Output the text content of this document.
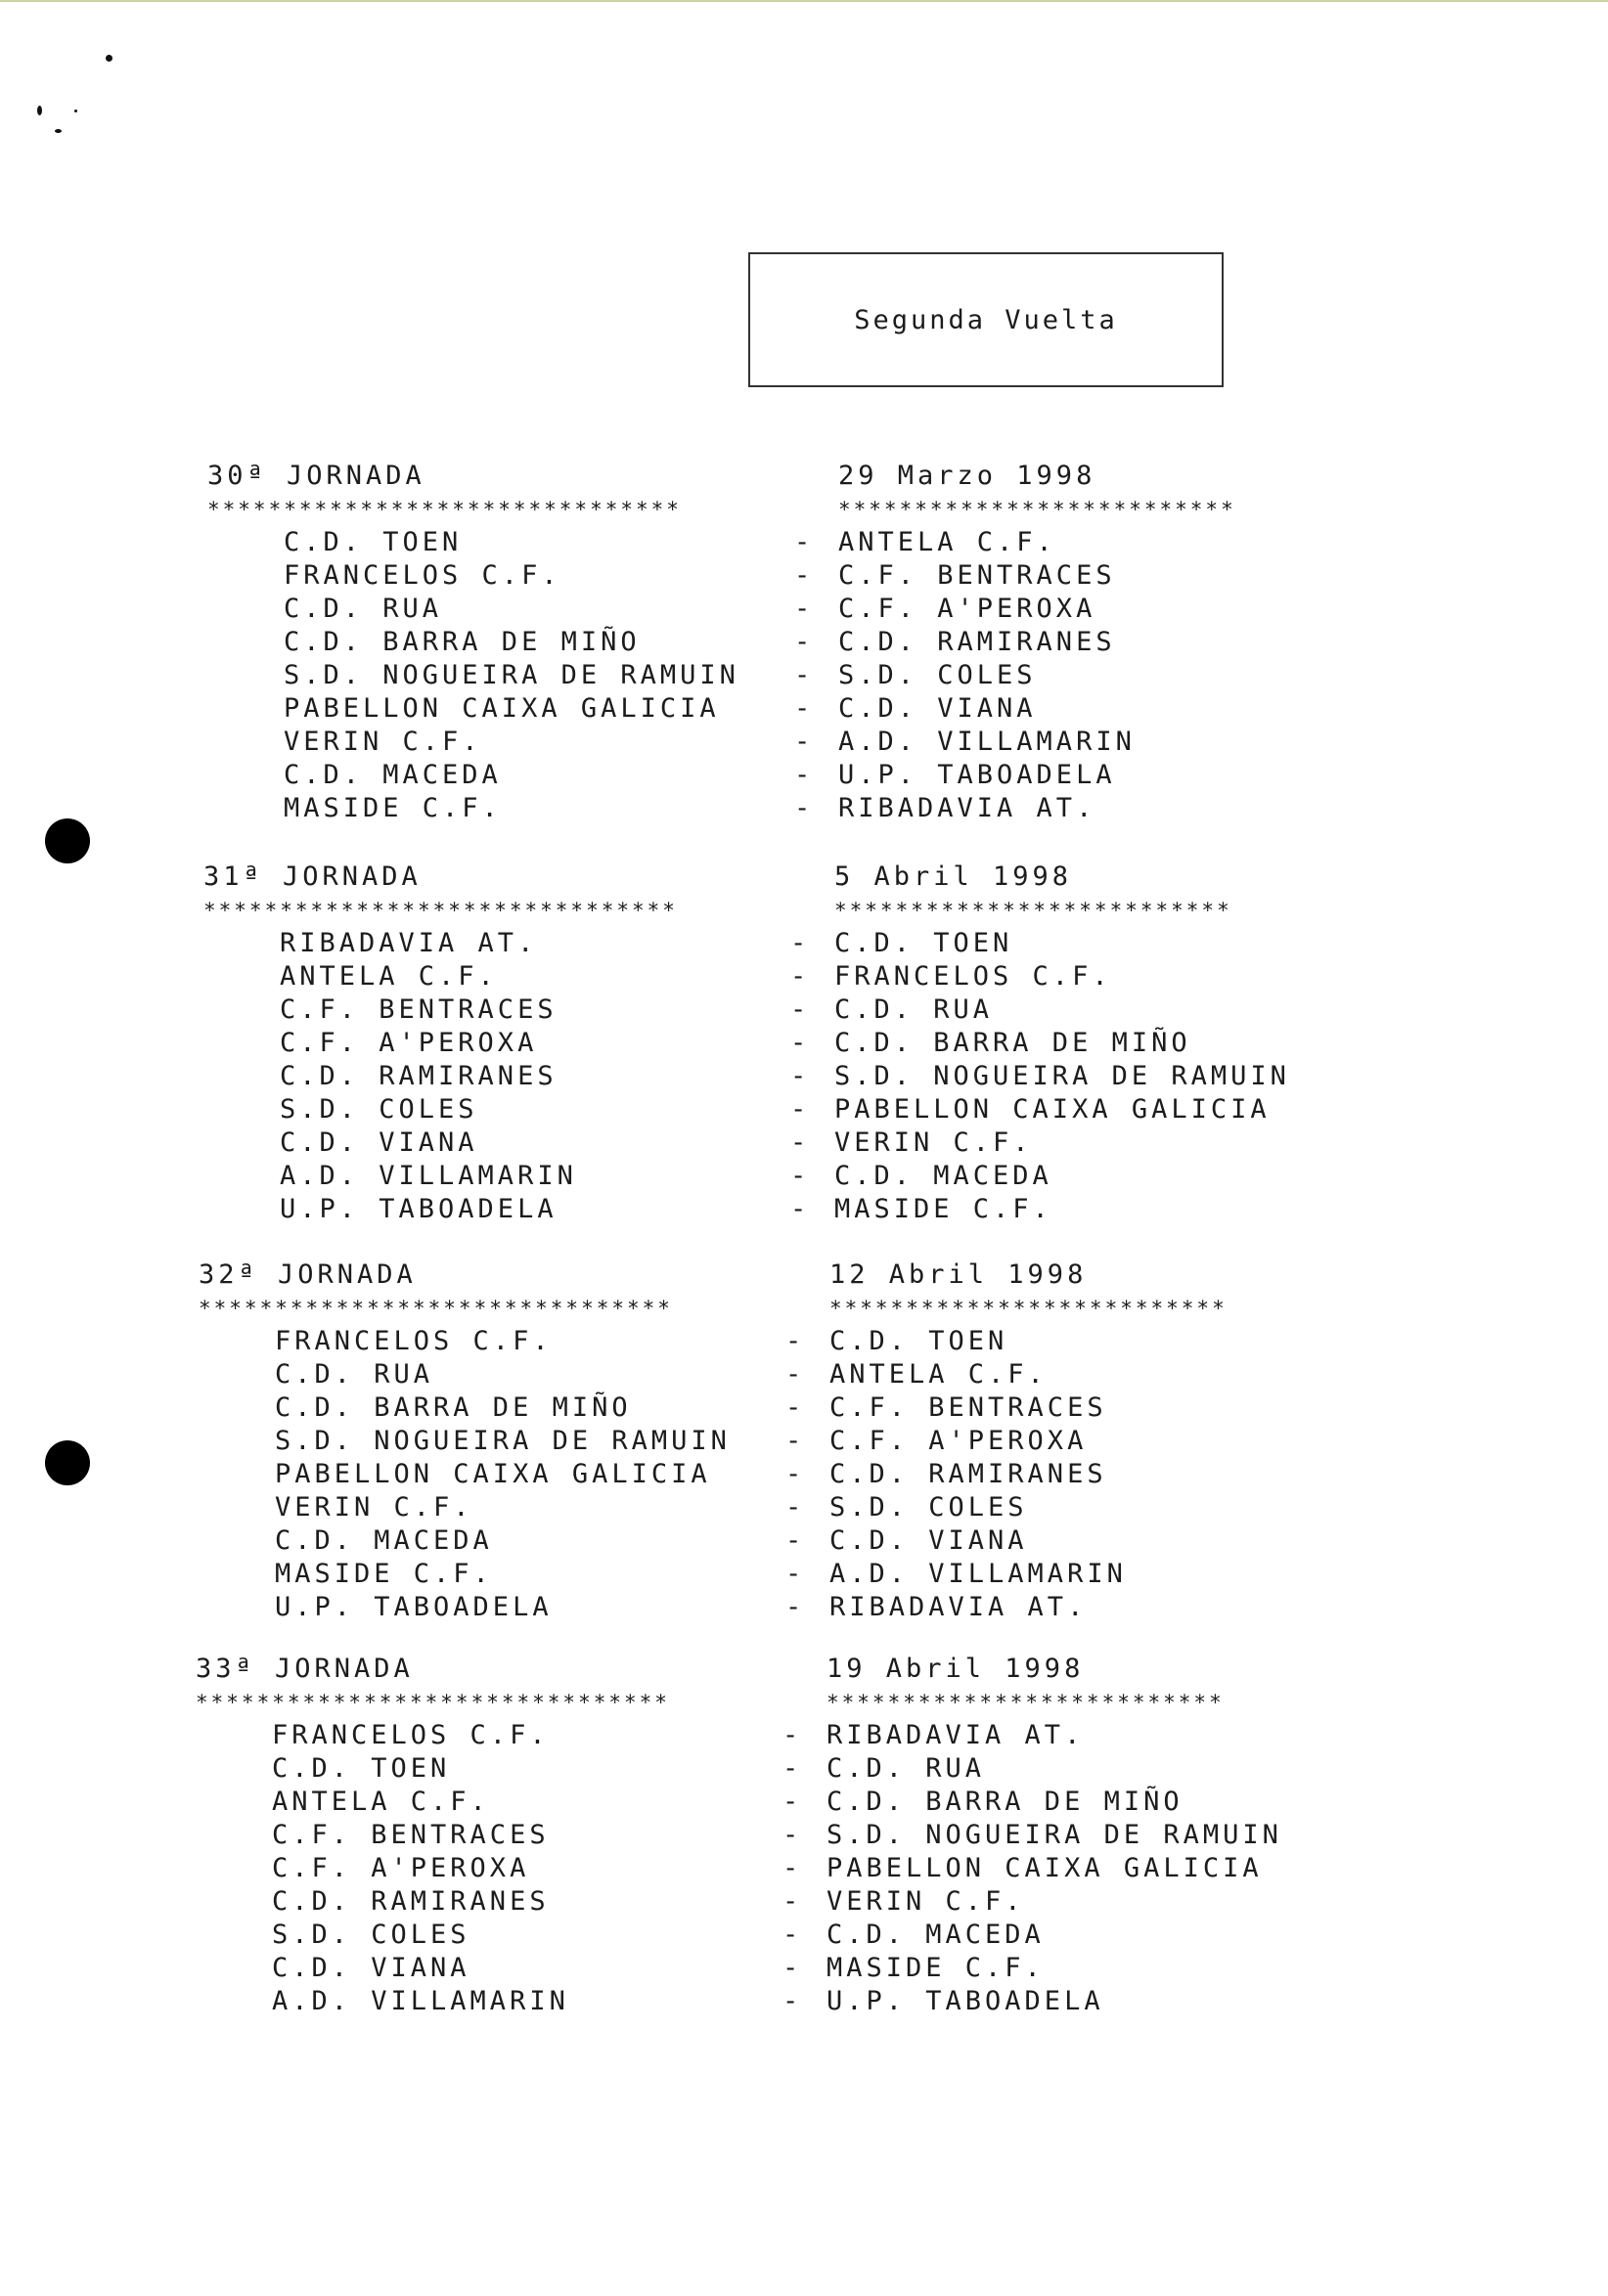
Segunda Vuelta
30ª JORNADA	29 Marzo 1998
*******************************	**************************
C.D. TOEN	- ANTELA C.F.
FRANCELOS C.F.	- C.F. BENTRACES
C.D. RUA	- C.F. A'PEROXA
C.D. BARRA DE MIÑO	- C.D. RAMIRANES
S.D. NOGUEIRA DE RAMUIN - S.D. COLES
PABELLON CAIXA GALICIA	- C.D. VIANA
VERIN C.F.	- A.D. VILLAMARIN
C.D. MACEDA	- U.P. TABOADELA
MASIDE C.F.	- RIBADAVIA AT.
31ª JORNADA	5 Abril 1998
*******************************	**************************
RIBADAVIA AT.	- C.D. TOEN
ANTELA C.F.	- FRANCELOS C.F.
C.F. BENTRACES	- C.D. RUA
C.F. A'PEROXA	- C.D. BARRA DE MIÑO
C.D. RAMIRANES	- S.D. NOGUEIRA DE RAMUIN
S.D. COLES	- PABELLON CAIXA GALICIA
C.D. VIANA	- VERIN C.F.
A.D. VILLAMARIN	- C.D. MACEDA
U.P. TABOADELA	- MASIDE C.F.
32ª JORNADA	12 Abril 1998
*******************************	**************************
FRANCELOS C.F.	- C.D. TOEN
C.D. RUA	- ANTELA C.F.
C.D. BARRA DE MIÑO	- C.F. BENTRACES
S.D. NOGUEIRA DE RAMUIN - C.F. A'PEROXA
PABELLON CAIXA GALICIA	- C.D. RAMIRANES
VERIN C.F.	- S.D. COLES
C.D. MACEDA	- C.D. VIANA
MASIDE C.F.	- A.D. VILLAMARIN
U.P. TABOADELA	- RIBADAVIA AT.
33ª JORNADA	19 Abril 1998
*******************************	**************************
FRANCELOS C.F.	- RIBADAVIA AT.
C.D. TOEN	- C.D. RUA
ANTELA C.F.	- C.D. BARRA DE MIÑO
C.F. BENTRACES	- S.D. NOGUEIRA DE RAMUIN
C.F. A'PEROXA	- PABELLON CAIXA GALICIA
C.D. RAMIRANES	- VERIN C.F.
S.D. COLES	- C.D. MACEDA
C.D. VIANA	- MASIDE C.F.
A.D. VILLAMARIN	- U.P. TABOADELA
